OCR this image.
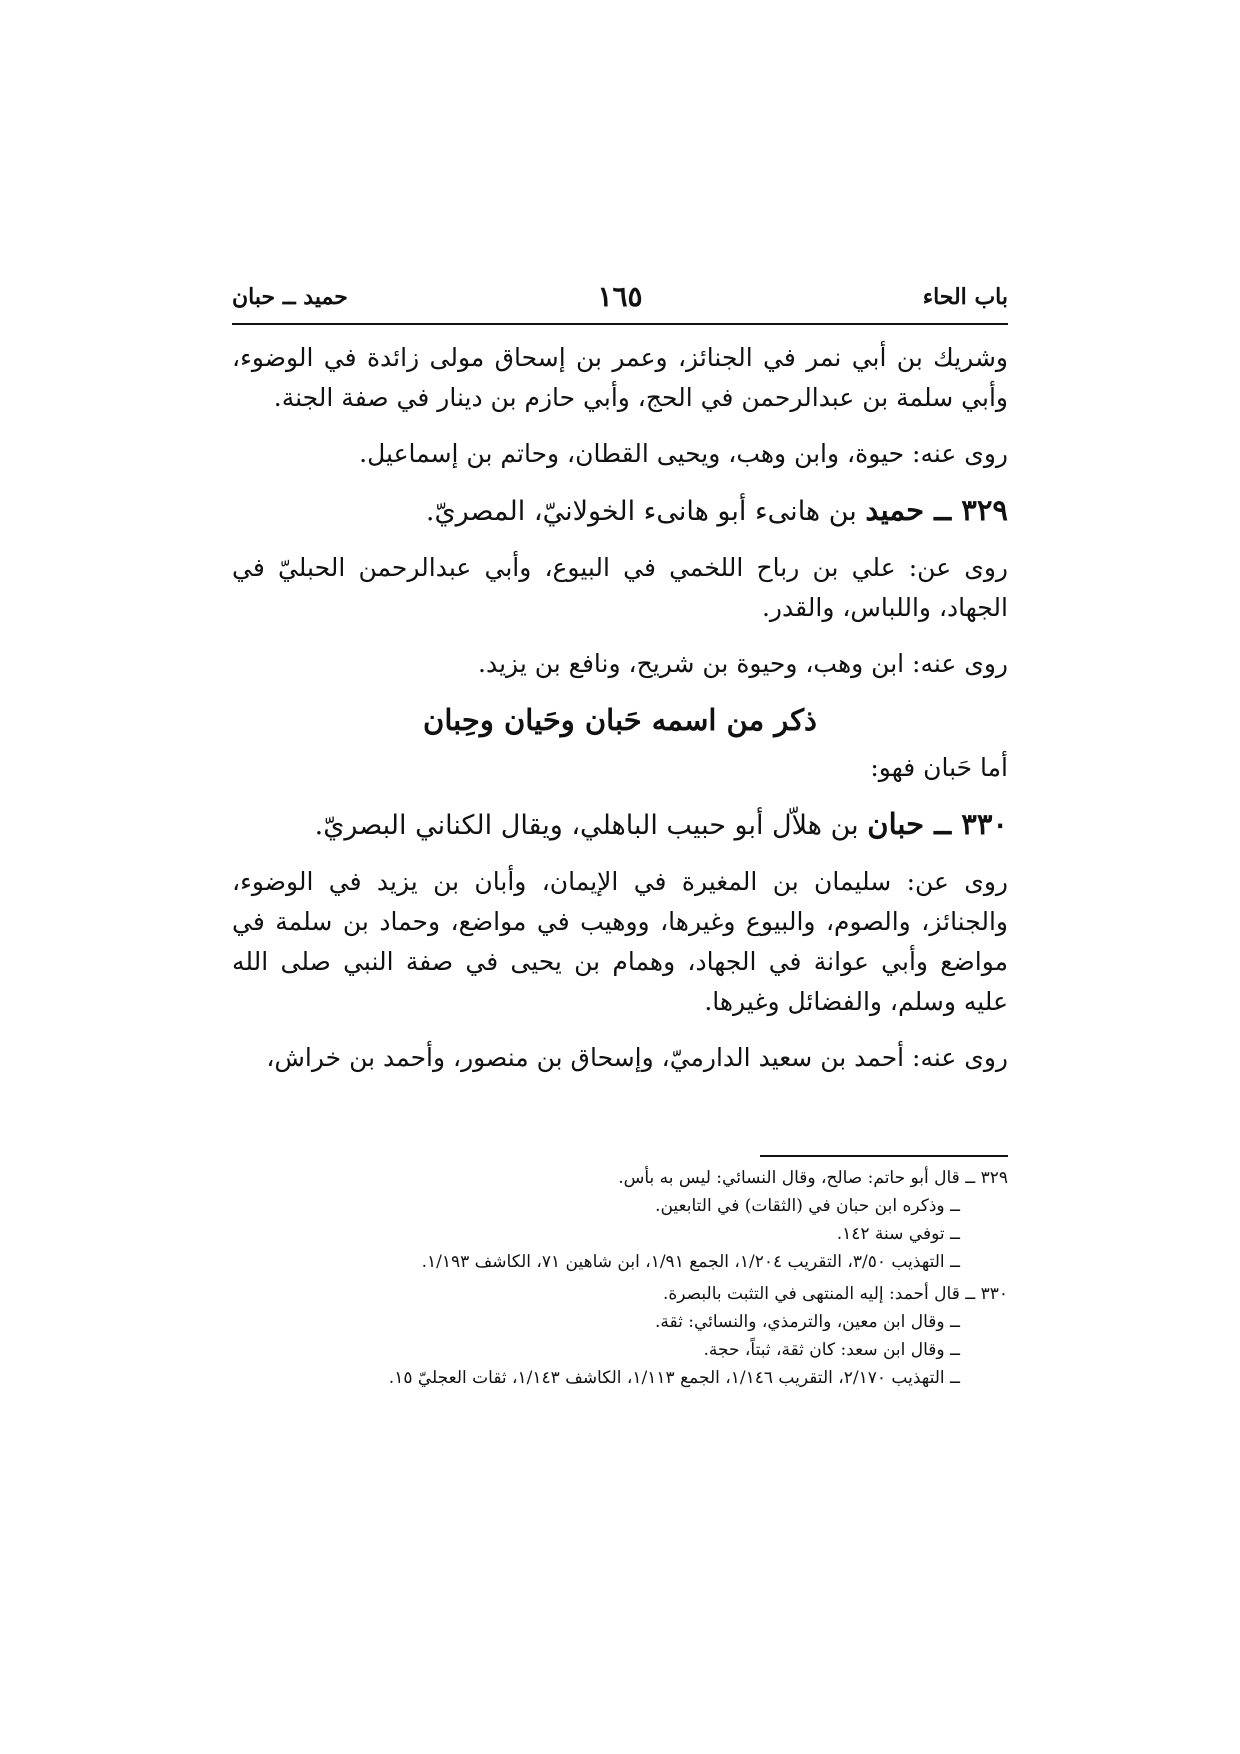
باب الحاء
١٦٥
حميد ــ حبان

وشريك بن أبي نمر في الجنائز، وعمر بن إسحاق مولى زائدة في الوضوء، وأبي سلمة بن عبدالرحمن في الحج، وأبي حازم بن دينار في صفة الجنة.

روى عنه: حيوة، وابن وهب، ويحيى القطان، وحاتم بن إسماعيل.

٣٢٩ ــ حميد بن هانىء أبو هانىء الخولانيّ، المصريّ.

روى عن: علي بن رباح اللخمي في البيوع، وأبي عبدالرحمن الحبليّ في الجهاد، واللباس، والقدر.

روى عنه: ابن وهب، وحيوة بن شريح، ونافع بن يزيد.

ذكر من اسمه حَبان وحَيان وحِبان

أما حَبان فهو:

٣٣٠ ــ حبان بن هلاّل أبو حبيب الباهلي، ويقال الكناني البصريّ.

روى عن: سليمان بن المغيرة في الإيمان، وأبان بن يزيد في الوضوء، والجنائز، والصوم، والبيوع وغيرها، ووهيب في مواضع، وحماد بن سلمة في مواضع وأبي عوانة في الجهاد، وهمام بن يحيى في صفة النبي صلى الله عليه وسلم، والفضائل وغيرها.

روى عنه: أحمد بن سعيد الدارميّ، وإسحاق بن منصور، وأحمد بن خراش،

٣٢٩ ــ قال أبو حاتم: صالح، وقال النسائي: ليس به بأس.

ــ وذكره ابن حبان في (الثقات) في التابعين.

ــ توفي سنة ١٤٢.

ــ التهذيب ٣/٥٠، التقريب ١/٢٠٤، الجمع ١/٩١، ابن شاهين ٧١، الكاشف ١/١٩٣.

٣٣٠ ــ قال أحمد: إليه المنتهى في التثبت بالبصرة.

ــ وقال ابن معين، والترمذي، والنسائي: ثقة.

ــ وقال ابن سعد: كان ثقة، ثبتاً، حجة.

ــ التهذيب ٢/١٧٠، التقريب ١/١٤٦، الجمع ١/١١٣، الكاشف ١/١٤٣، ثقات العجليّ ١٥.
